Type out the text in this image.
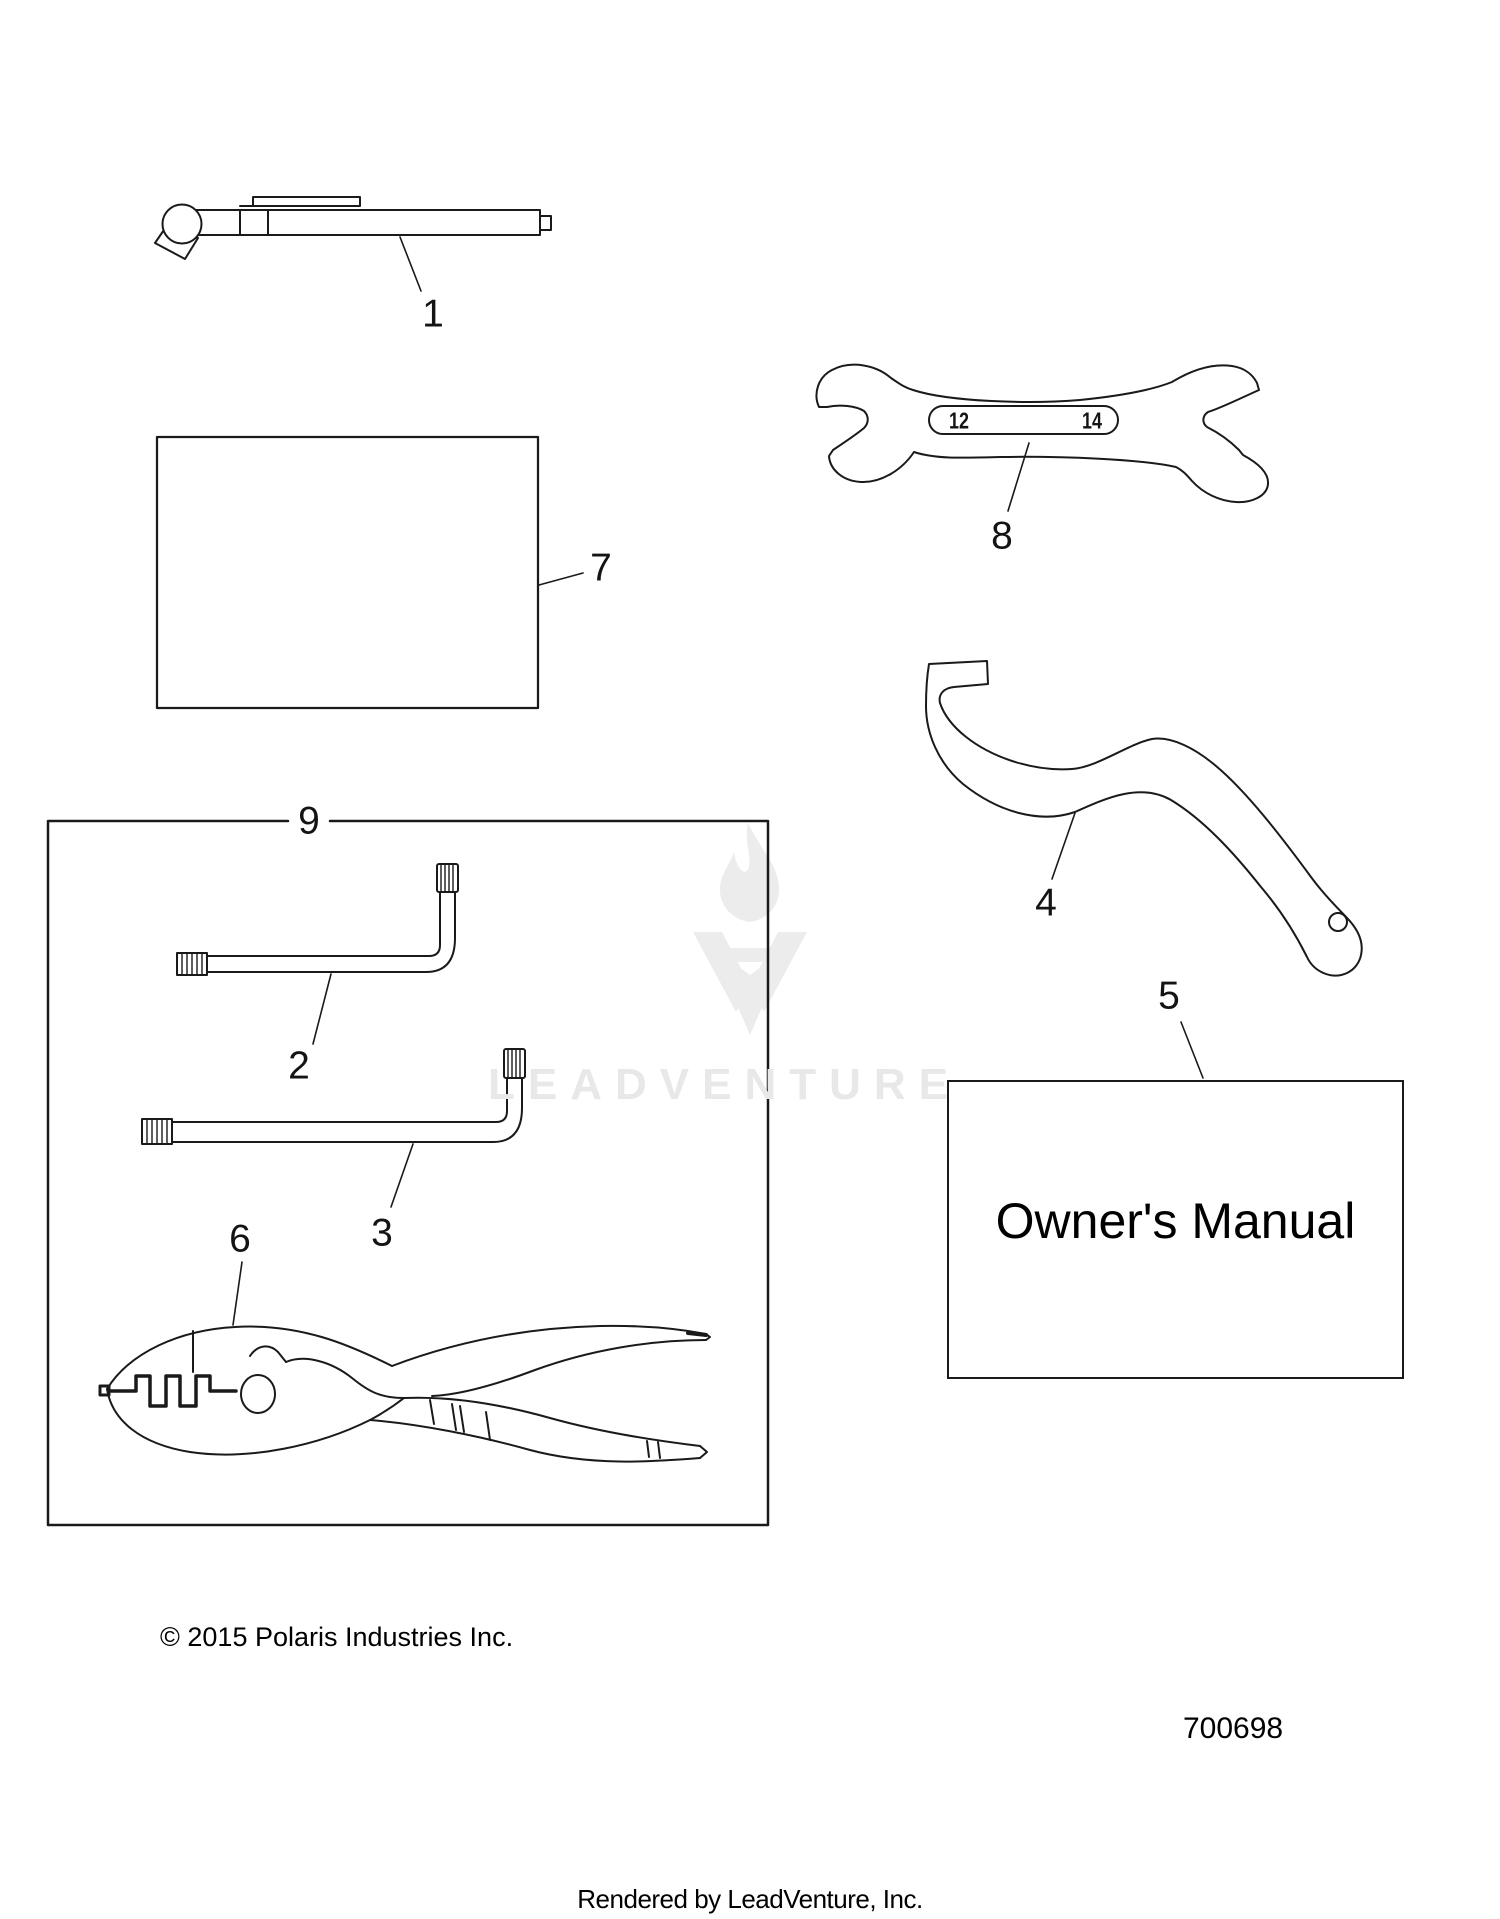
LEADVENTURE
1
2
3
4
5
6
7
8
9
12	14
Owner's Manual
© 2015 Polaris Industries Inc.
700698
Rendered by LeadVenture, Inc.
